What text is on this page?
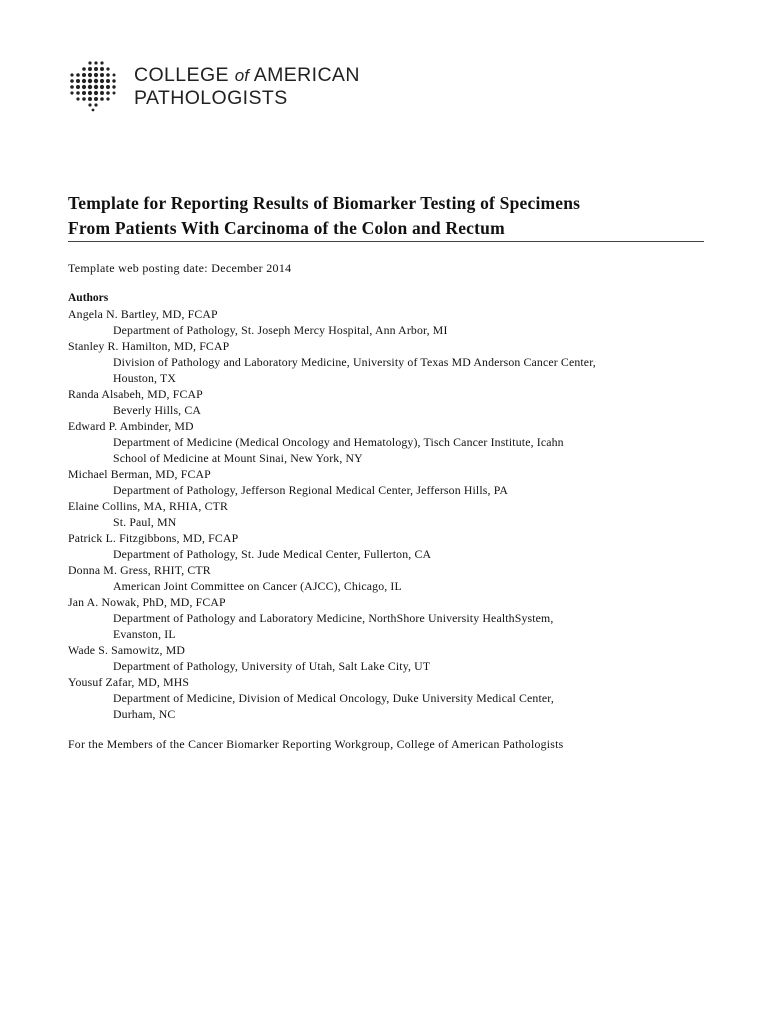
COLLEGE of AMERICAN
PATHOLOGISTS
Template for Reporting Results of Biomarker Testing of Specimens
From Patients With Carcinoma of the Colon and Rectum
Template web posting date: December 2014
Authors
Angela N. Bartley, MD, FCAP
Department of Pathology, St. Joseph Mercy Hospital, Ann Arbor, MI
Stanley R. Hamilton, MD, FCAP
Division of Pathology and Laboratory Medicine, University of Texas MD Anderson Cancer Center,
Houston, TX
Randa Alsabeh, MD, FCAP
Beverly Hills, CA
Edward P. Ambinder, MD
Department of Medicine (Medical Oncology and Hematology), Tisch Cancer Institute, Icahn
School of Medicine at Mount Sinai, New York, NY
Michael Berman, MD, FCAP
Department of Pathology, Jefferson Regional Medical Center, Jefferson Hills, PA
Elaine Collins, MA, RHIA, CTR
St. Paul, MN
Patrick L. Fitzgibbons, MD, FCAP
Department of Pathology, St. Jude Medical Center, Fullerton, CA
Donna M. Gress, RHIT, CTR
American Joint Committee on Cancer (AJCC), Chicago, IL
Jan A. Nowak, PhD, MD, FCAP
Department of Pathology and Laboratory Medicine, NorthShore University HealthSystem,
Evanston, IL
Wade S. Samowitz, MD
Department of Pathology, University of Utah, Salt Lake City, UT
Yousuf Zafar, MD, MHS
Department of Medicine, Division of Medical Oncology, Duke University Medical Center,
Durham, NC
For the Members of the Cancer Biomarker Reporting Workgroup, College of American Pathologists
